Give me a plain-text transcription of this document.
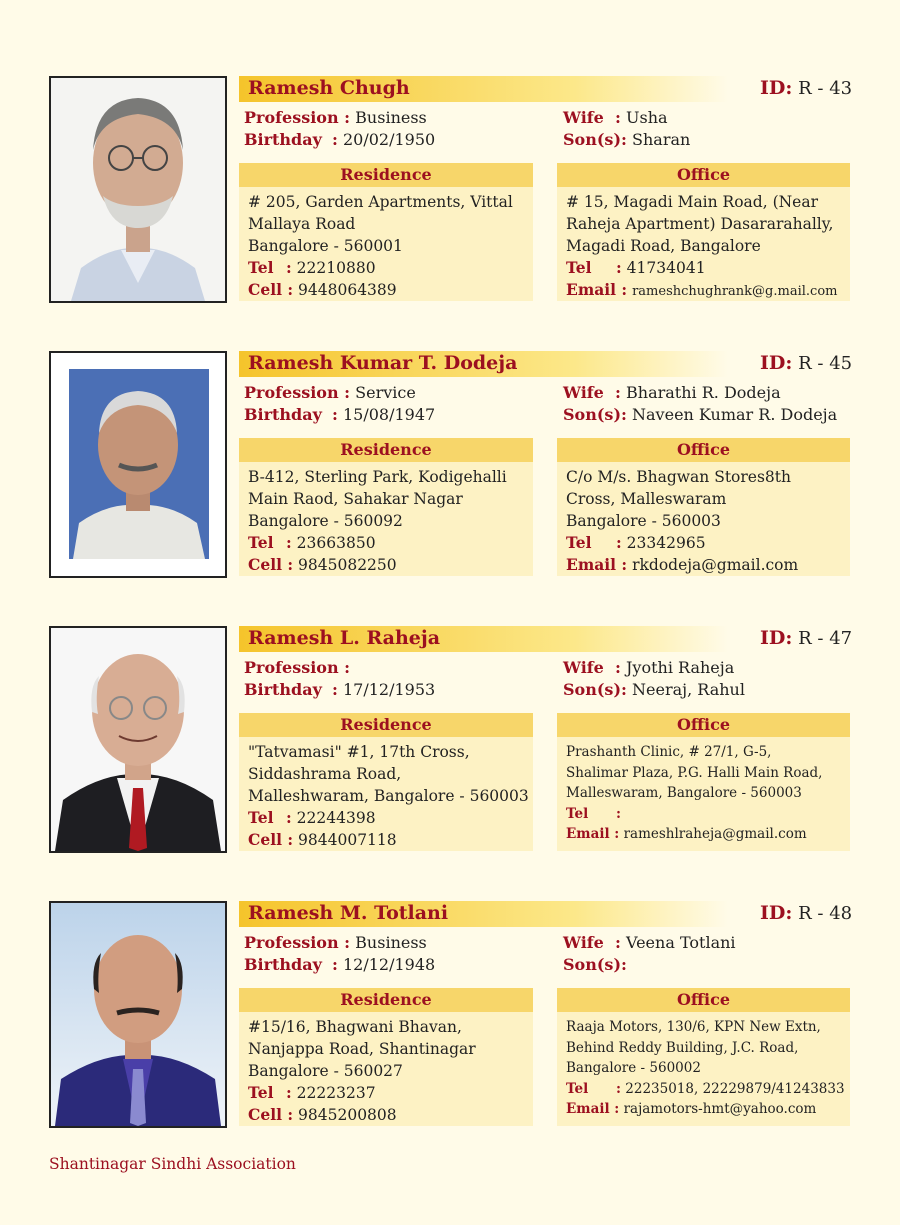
Ramesh Chugh	ID: R - 43
Profession : Business
Birthday : 20/02/1950
Wife : Usha
Son(s): Sharan
Residence
# 205, Garden Apartments, Vittal
Mallaya Road
Bangalore - 560001
Tel : 22210880
Cell : 9448064389
Office
# 15, Magadi Main Road, (Near
Raheja Apartment) Dasararahally,
Magadi Road, Bangalore
Tel : 41734041
Email : rameshchughrank@g.mail.com
Ramesh Kumar T. Dodeja	ID: R - 45
Profession : Service
Birthday : 15/08/1947
Wife : Bharathi R. Dodeja
Son(s): Naveen Kumar R. Dodeja
Residence
B-412, Sterling Park, Kodigehalli
Main Raod, Sahakar Nagar
Bangalore - 560092
Tel : 23663850
Cell : 9845082250
Office
C/o M/s. Bhagwan Stores8th
Cross, Malleswaram
Bangalore - 560003
Tel : 23342965
Email : rkdodeja@gmail.com
Ramesh L. Raheja	ID: R - 47
Profession :
Birthday : 17/12/1953
Wife : Jyothi Raheja
Son(s): Neeraj, Rahul
Residence
"Tatvamasi" #1, 17th Cross,
Siddashrama Road,
Malleshwaram, Bangalore - 560003
Tel : 22244398
Cell : 9844007118
Office
Prashanth Clinic, # 27/1, G-5,
Shalimar Plaza, P.G. Halli Main Road,
Malleswaram, Bangalore - 560003
Tel :
Email : rameshlraheja@gmail.com
Ramesh M. Totlani	ID: R - 48
Profession : Business
Birthday : 12/12/1948
Wife : Veena Totlani
Son(s):
Residence
#15/16, Bhagwani Bhavan,
Nanjappa Road, Shantinagar
Bangalore - 560027
Tel : 22223237
Cell : 9845200808
Office
Raaja Motors, 130/6, KPN New Extn,
Behind Reddy Building, J.C. Road,
Bangalore - 560002
Tel : 22235018, 22229879/41243833
Email : rajamotors-hmt@yahoo.com
Shantinagar Sindhi Association
